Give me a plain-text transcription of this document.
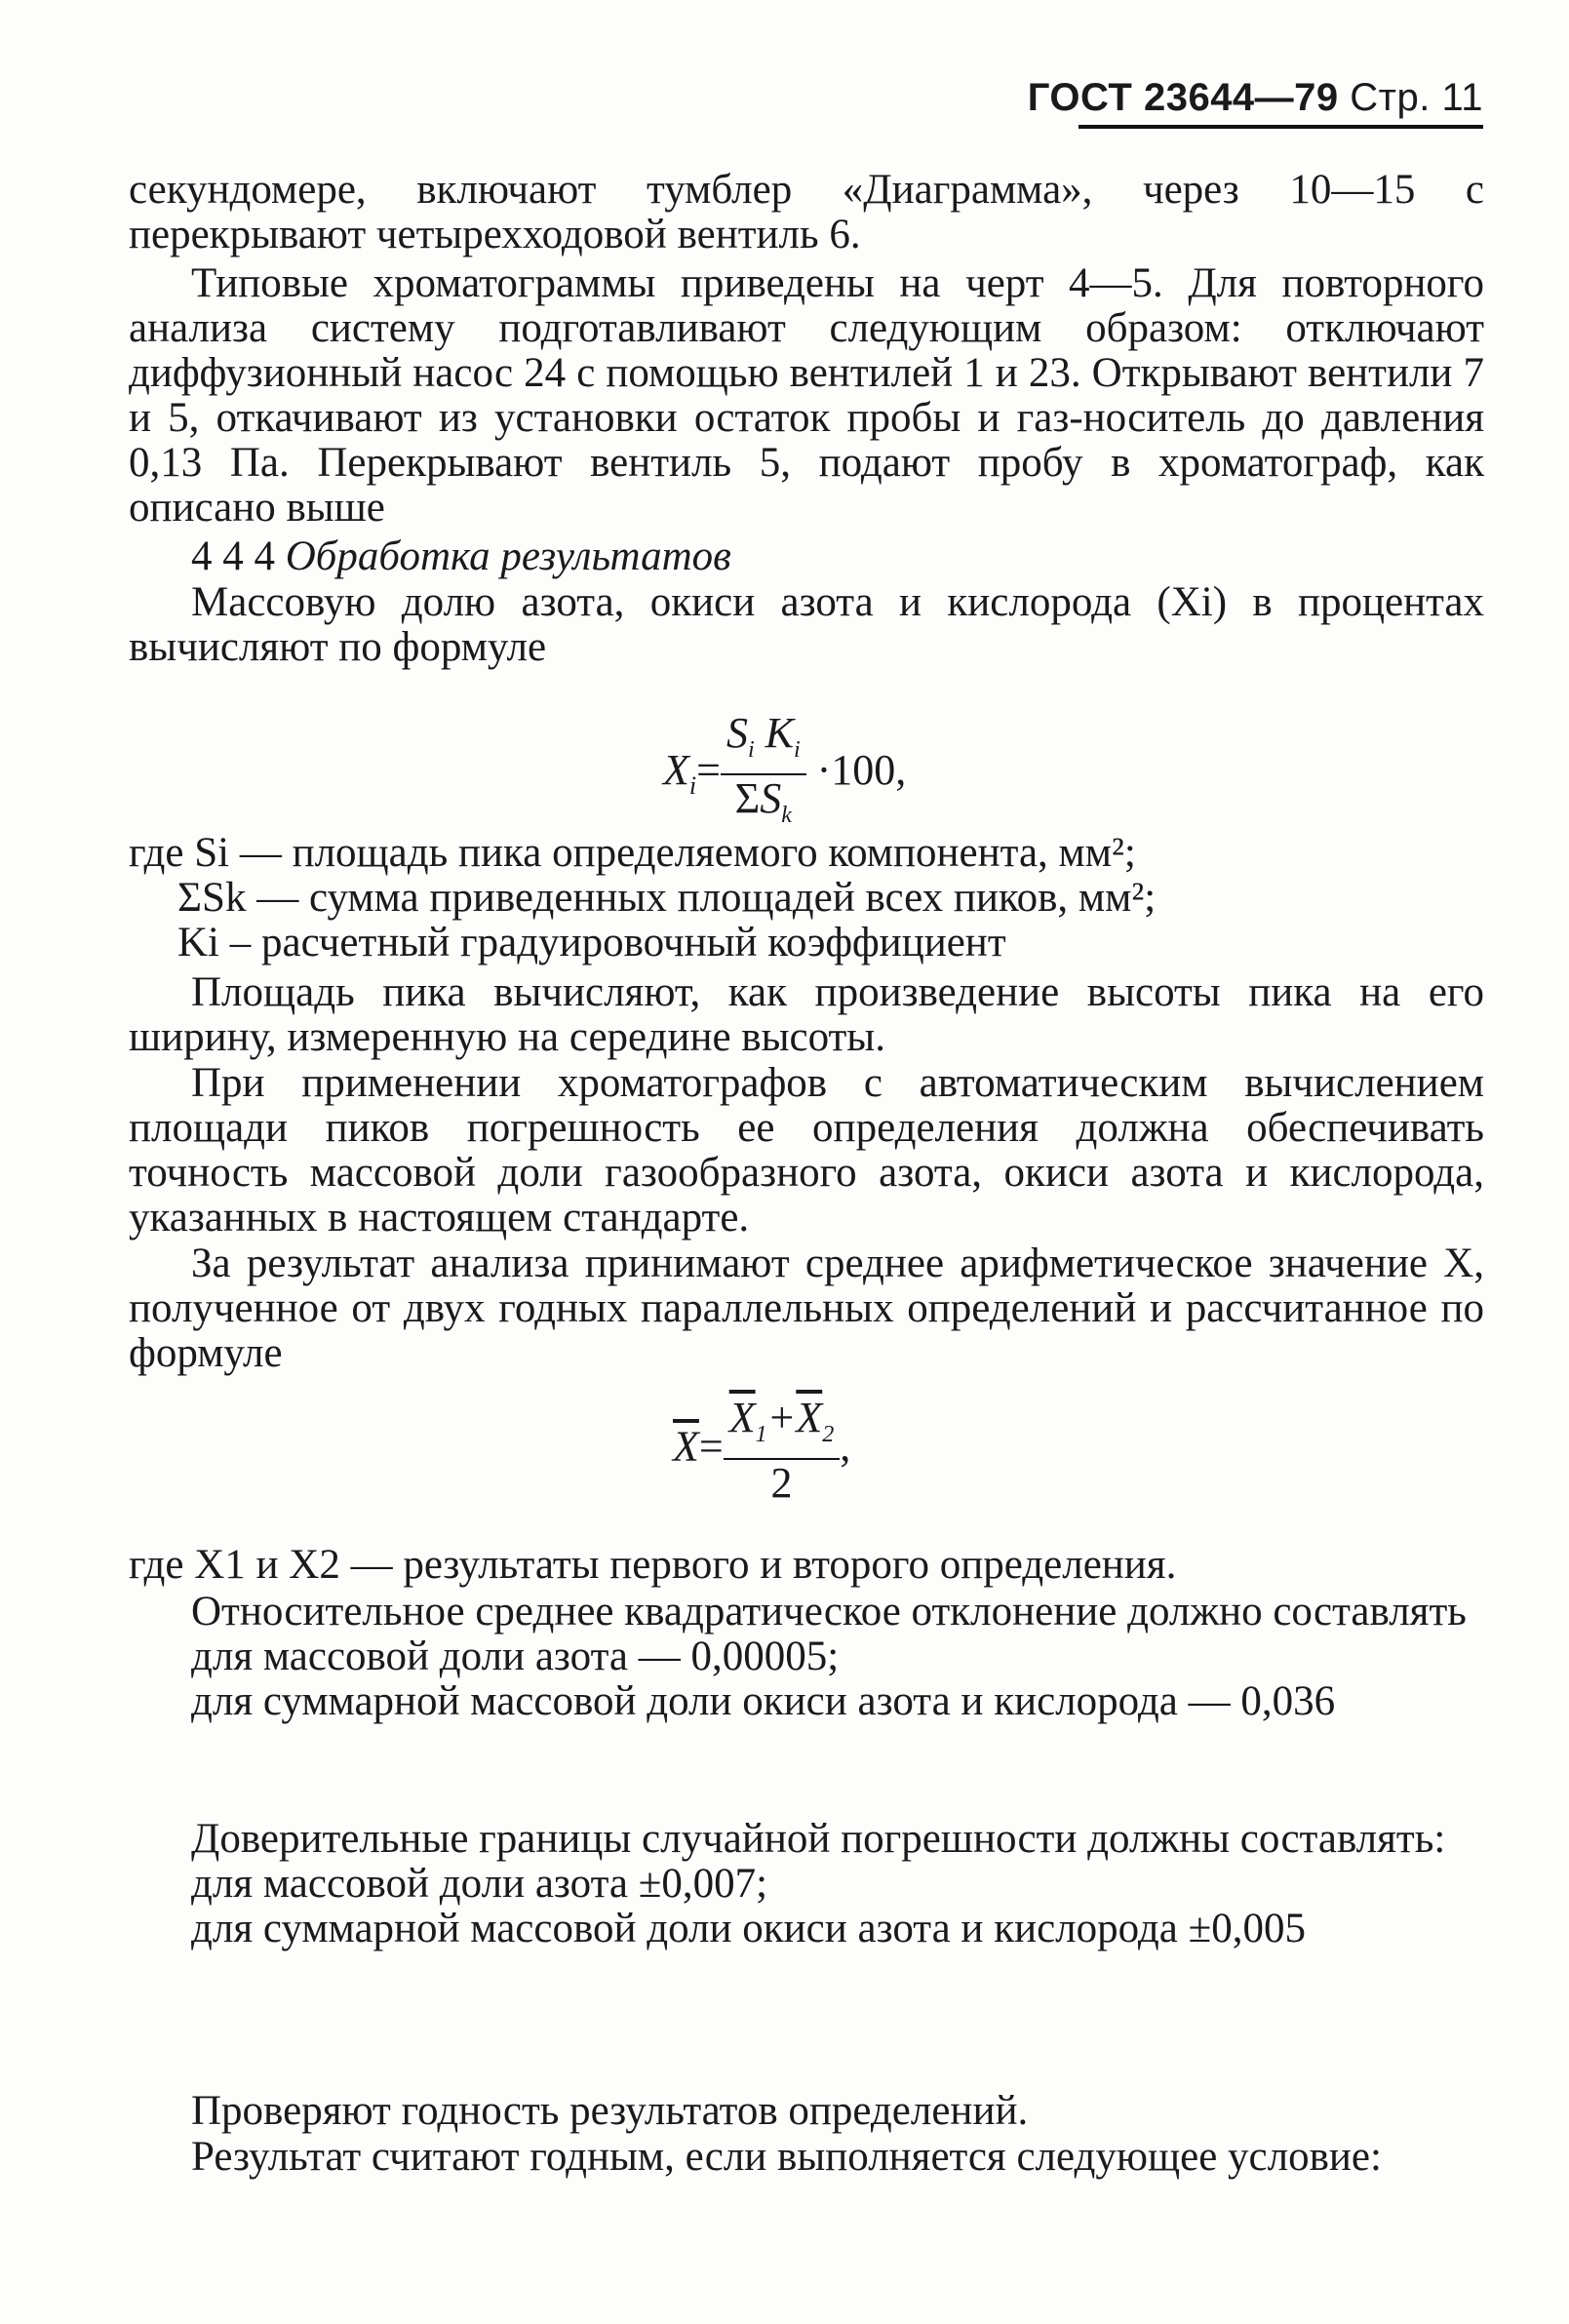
ГОСТ 23644—79 Стр. 11

секундомере, включают тумблер «Диаграмма», через 10—15 с перекрывают четырехходовой вентиль 6.

Типовые хроматограммы приведены на черт 4—5. Для повторного анализа систему подготавливают следующим образом: отключают диффузионный насос 24 с помощью вентилей 1 и 23. Открывают вентили 7 и 5, откачивают из установки остаток пробы и газ-носитель до давления 0,13 Па. Перекрывают вентиль 5, подают пробу в хроматограф, как описано выше

4 4 4 Обработка результатов

Массовую долю азота, окиси азота и кислорода (Xi) в процентах вычисляют по формуле

$X_i= \frac{S_i K_i}{\Sigma S_k} \cdot 100$,

где Si — площадь пика определяемого компонента, мм²;

ΣSk — сумма приведенных площадей всех пиков, мм²;

Ki – расчетный градуировочный коэффициент

Площадь пика вычисляют, как произведение высоты пика на его ширину, измеренную на середине высоты.

При применении хроматографов с автоматическим вычислением площади пиков погрешность ее определения должна обеспечивать точность массовой доли газообразного азота, окиси азота и кислорода, указанных в настоящем стандарте.

За результат анализа принимают среднее арифметическое значение X, полученное от двух годных параллельных определений и рассчитанное по формуле

$\overline{X}= \frac{\overline{X}_1+\overline{X}_2}{2}$ ,

где X1 и X2 — результаты первого и второго определения.

Относительное среднее квадратическое отклонение должно составлять

для массовой доли азота — 0,00005;

для суммарной массовой доли окиси азота и кислорода — 0,036

Доверительные границы случайной погрешности должны составлять:

для массовой доли азота ±0,007;

для суммарной массовой доли окиси азота и кислорода ±0,005

Проверяют годность результатов определений.

Результат считают годным, если выполняется следующее условие:
